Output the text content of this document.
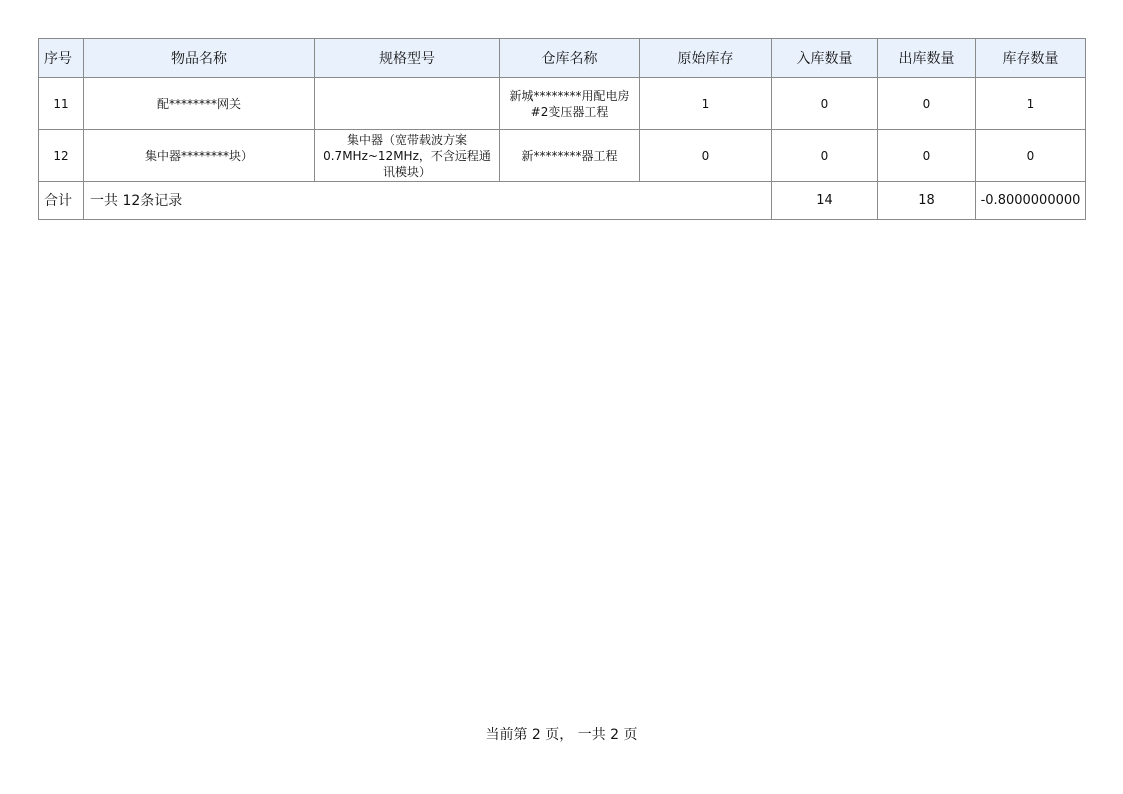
序号	物品名称	规格型号	仓库名称	原始库存	入库数量	出库数量	库存数量
11	配********网关		新城********用配电房#2变压器工程	1	0	0	1
12	集中器********块）	集中器（宽带载波方案0.7MHz~12MHz，不含远程通讯模块）	新********器工程	0	0	0	0
合计	一共 12条记录				14	18	-0.8000000000
当前第 2 页， 一共 2 页
